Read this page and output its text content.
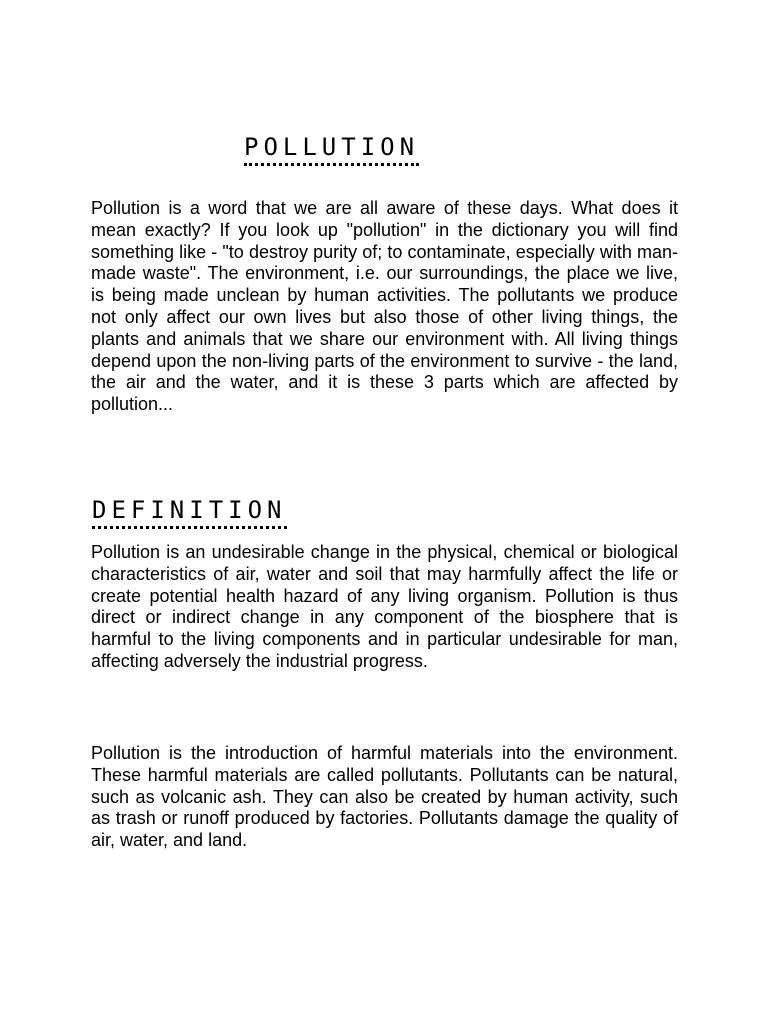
POLLUTION

Pollution is a word that we are all aware of these days. What does it mean exactly? If you look up "pollution" in the dictionary you will find something like - "to destroy purity of; to contaminate, especially with man-made waste". The environment, i.e. our surroundings, the place we live, is being made unclean by human activities. The pollutants we produce not only affect our own lives but also those of other living things, the plants and animals that we share our environment with. All living things depend upon the non-living parts of the environment to survive - the land, the air and the water, and it is these 3 parts which are affected by pollution...

DEFINITION

Pollution is an undesirable change in the physical, chemical or biological characteristics of air, water and soil that may harmfully affect the life or create potential health hazard of any living organism. Pollution is thus direct or indirect change in any component of the biosphere that is harmful to the living components and in particular undesirable for man, affecting adversely the industrial progress.

Pollution is the introduction of harmful materials into the environment. These harmful materials are called pollutants. Pollutants can be natural, such as volcanic ash. They can also be created by human activity, such as trash or runoff produced by factories. Pollutants damage the quality of air, water, and land.
